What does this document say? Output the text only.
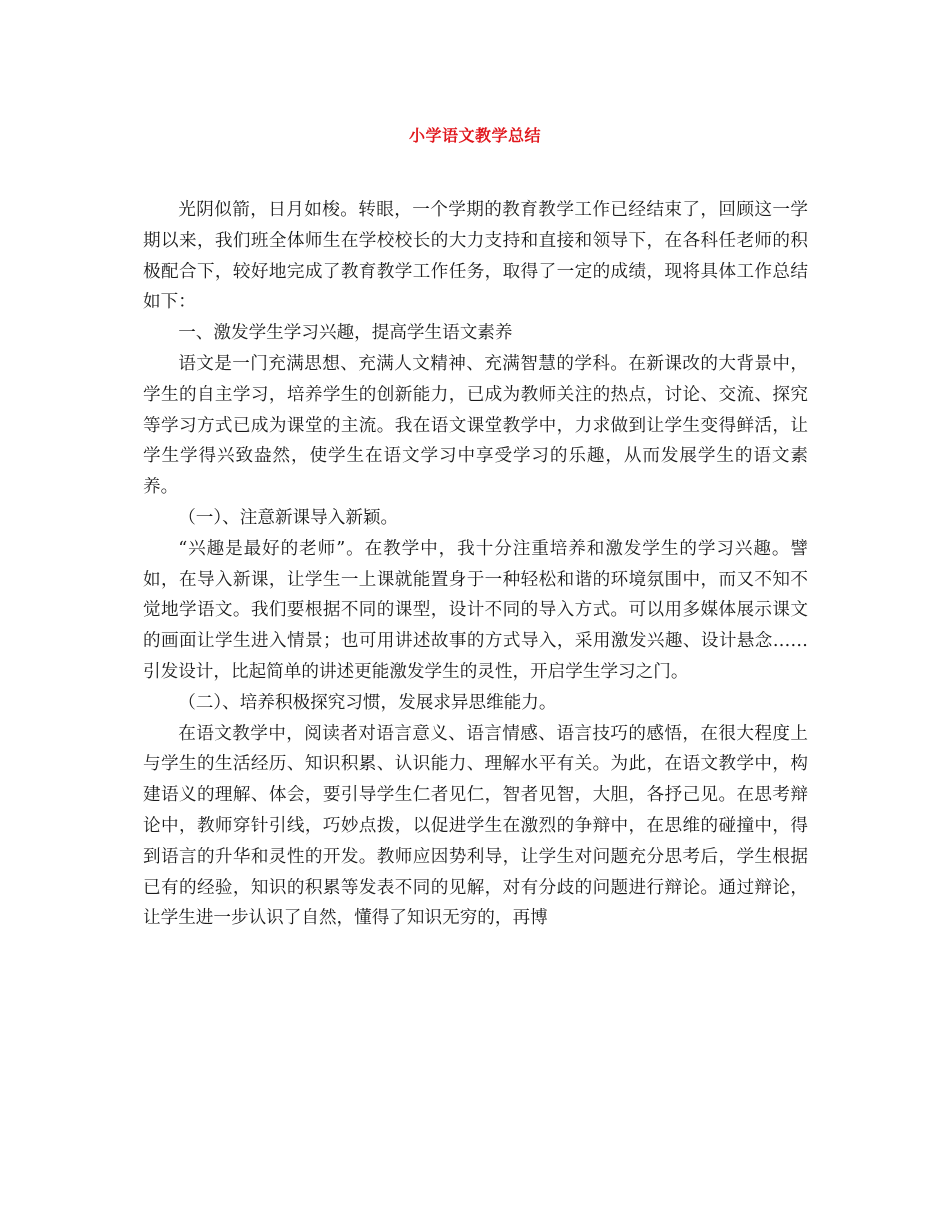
小学语文教学总结

光阴似箭，日月如梭。转眼，一个学期的教育教学工作已经结束了，回顾这一学期以来，我们班全体师生在学校校长的大力支持和直接和领导下，在各科任老师的积极配合下，较好地完成了教育教学工作任务，取得了一定的成绩，现将具体工作总结如下：

一、激发学生学习兴趣，提高学生语文素养

语文是一门充满思想、充满人文精神、充满智慧的学科。在新课改的大背景中，学生的自主学习，培养学生的创新能力，已成为教师关注的热点，讨论、交流、探究等学习方式已成为课堂的主流。我在语文课堂教学中，力求做到让学生变得鲜活，让学生学得兴致盎然，使学生在语文学习中享受学习的乐趣，从而发展学生的语文素养。

（一）、注意新课导入新颖。

“兴趣是最好的老师”。在教学中，我十分注重培养和激发学生的学习兴趣。譬如，在导入新课，让学生一上课就能置身于一种轻松和谐的环境氛围中，而又不知不觉地学语文。我们要根据不同的课型，设计不同的导入方式。可以用多媒体展示课文的画面让学生进入情景；也可用讲述故事的方式导入，采用激发兴趣、设计悬念……引发设计，比起简单的讲述更能激发学生的灵性，开启学生学习之门。

（二）、培养积极探究习惯，发展求异思维能力。

在语文教学中，阅读者对语言意义、语言情感、语言技巧的感悟，在很大程度上与学生的生活经历、知识积累、认识能力、理解水平有关。为此，在语文教学中，构建语义的理解、体会，要引导学生仁者见仁，智者见智，大胆，各抒己见。在思考辩论中，教师穿针引线，巧妙点拨，以促进学生在激烈的争辩中，在思维的碰撞中，得到语言的升华和灵性的开发。教师应因势利导，让学生对问题充分思考后，学生根据已有的经验，知识的积累等发表不同的见解，对有分歧的问题进行辩论。通过辩论，让学生进一步认识了自然，懂得了知识无穷的，再博
